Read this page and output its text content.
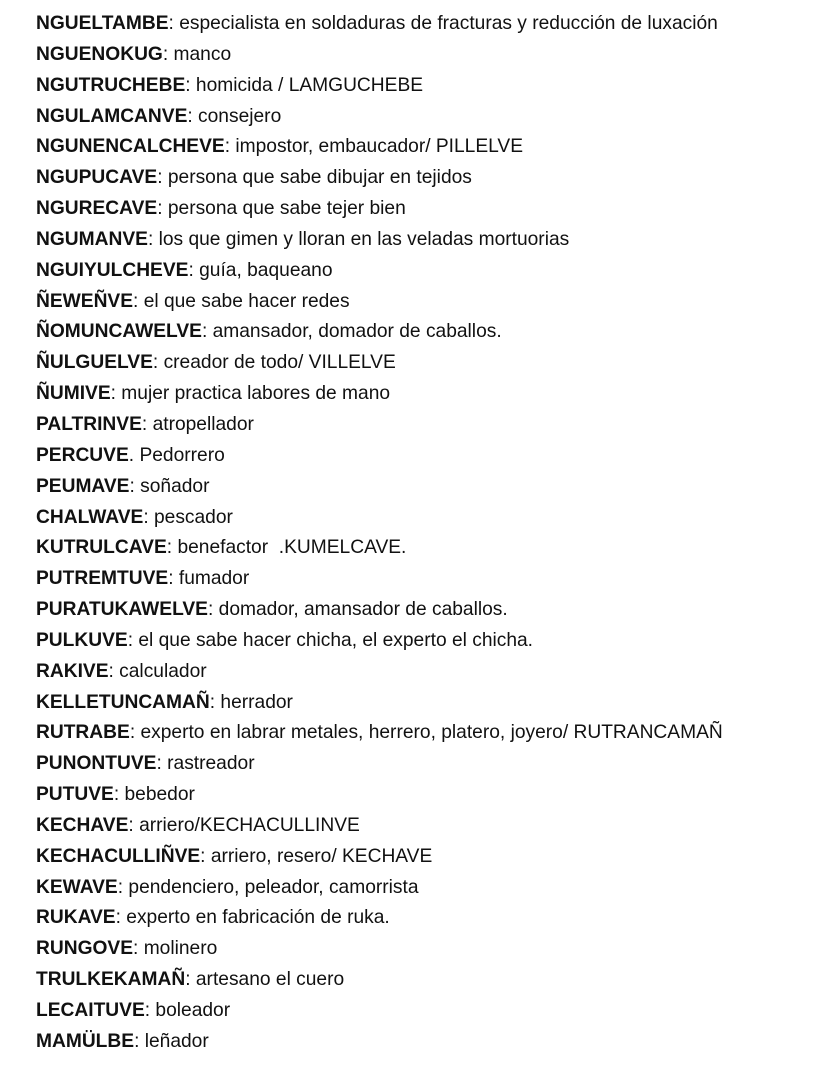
NGUELTAMBE: especialista en soldaduras de fracturas y reducción de luxación
NGUENOKUG: manco
NGUTRUCHEBE: homicida / LAMGUCHEBE
NGULAMCANVE: consejero
NGUNENCALCHEVE: impostor, embaucador/ PILLELVE
NGUPUCAVE: persona que sabe dibujar en tejidos
NGURECAVE: persona que sabe tejer bien
NGUMANVE: los que gimen y lloran en las veladas mortuorias
NGUIYULCHEVE: guía, baqueano
ÑEWEÑVE: el que sabe hacer redes
ÑOMUNCAWELVE: amansador, domador de caballos.
ÑULGUELVE: creador de todo/ VILLELVE
ÑUMIVE: mujer practica labores de mano
PALTRINVE: atropellador
PERCUVE. Pedorrero
PEUMAVE: soñador
CHALWAVE: pescador
KUTRULCAVE: benefactor  .KUMELCAVE.
PUTREMTUVE: fumador
PURATUKAWELVE: domador, amansador de caballos.
PULKUVE: el que sabe hacer chicha, el experto el chicha.
RAKIVE: calculador
KELLETUNCAMAÑ: herrador
RUTRABE: experto en labrar metales, herrero, platero, joyero/ RUTRANCAMAÑ
PUNONTUVE: rastreador
PUTUVE: bebedor
KECHAVE: arriero/KECHACULLINVE
KECHACULLIÑVE: arriero, resero/ KECHAVE
KEWAVE: pendenciero, peleador, camorrista
RUKAVE: experto en fabricación de ruka.
RUNGOVE: molinero
TRULKEKAMAÑ: artesano el cuero
LECAITUVE: boleador
MAMÜLBE: leñador
